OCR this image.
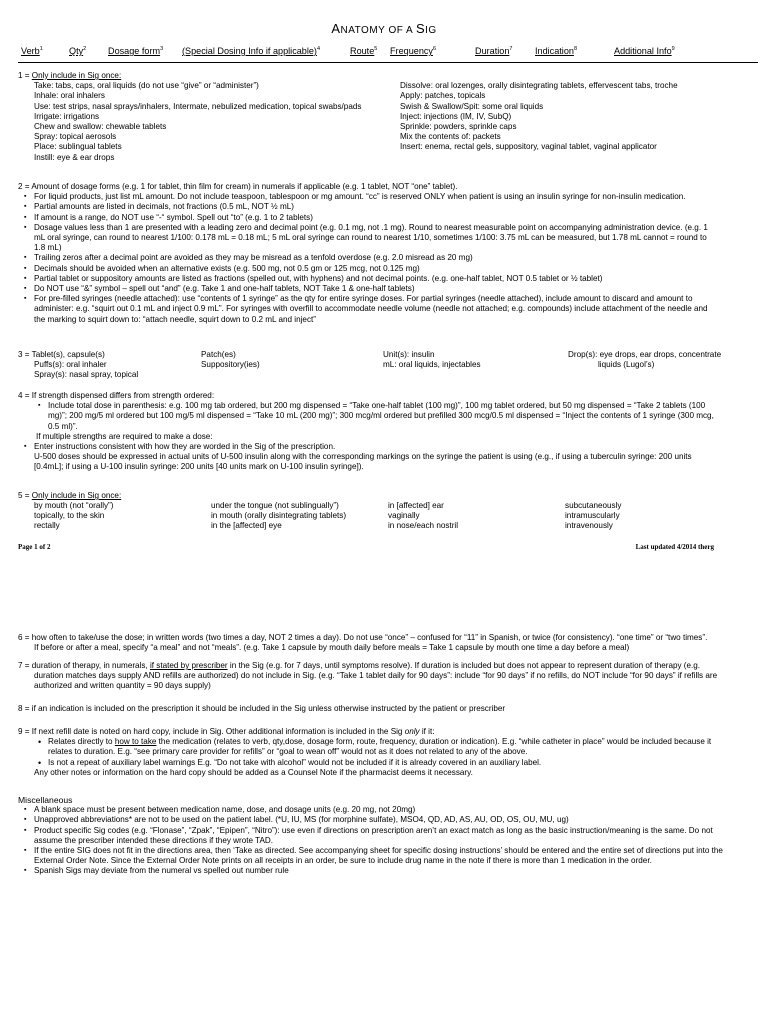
ANATOMY OF A SIG
Verb$^1$	Qty$^2$ Dosage form$^3$ (Special Dosing Info if applicable)$^4$	Route$^5$ Frequency$^6$	Duration$^7$ Indication$^8$	Additional Info$^9$

1 = Only include in Sig once:

Take: tabs, caps, oral liquids (do not use “give” or “administer”)

Inhale: oral inhalers

Use: test strips, nasal sprays/inhalers, Intermate, nebulized medication, topical swabs/pads

Irrigate: irrigations

Chew and swallow: chewable tablets

Spray: topical aerosols

Place: sublingual tablets

Instill: eye & ear drops

Dissolve: oral lozenges, orally disintegrating tablets, effervescent tabs, troche

Apply: patches, topicals

Swish & Swallow/Spit: some oral liquids

Inject: injections (IM, IV, SubQ)

Sprinkle: powders, sprinkle caps

Mix the contents of: packets

Insert: enema, rectal gels, suppository, vaginal tablet, vaginal applicator

2 = Amount of dosage forms (e.g. 1 for tablet, thin film for cream) in numerals if applicable (e.g. 1 tablet, NOT “one” tablet).

▪ For liquid products, just list mL amount. Do not include teaspoon, tablespoon or mg amount. “cc” is reserved ONLY when patient is using an insulin syringe for non-insulin medication.

▪ Partial amounts are listed in decimals, not fractions (0.5 mL, NOT ½ mL)

▪ If amount is a range, do NOT use “-“ symbol. Spell out “to” (e.g. 1 to 2 tablets)

▪ Dosage values less than 1 are presented with a leading zero and decimal point (e.g. 0.1 mg, not .1 mg). Round to nearest measurable point on accompanying administration device. (e.g. 1

mL oral syringe, can round to nearest 1/100: 0.178 mL = 0.18 mL; 5 mL oral syringe can round to nearest 1/10, sometimes 1/100: 3.75 mL can be measured, but 1.78 mL cannot = round to

1.8 mL)

▪ Trailing zeros after a decimal point are avoided as they may be misread as a tenfold overdose (e.g. 2.0 misread as 20 mg)

▪ Decimals should be avoided when an alternative exists (e.g. 500 mg, not 0.5 gm or 125 mcg, not 0.125 mg)

▪ Partial tablet or suppository amounts are listed as fractions (spelled out, with hyphens) and not decimal points. (e.g. one-half tablet, NOT 0.5 tablet or ½ tablet)

▪ Do NOT use “&” symbol – spell out “and” (e.g. Take 1 and one-half tablets, NOT Take 1 & one-half tablets)

▪ For pre-filled syringes (needle attached): use “contents of 1 syringe” as the qty for entire syringe doses. For partial syringes (needle attached), include amount to discard and amount to

administer: e.g. “squirt out 0.1 mL and inject 0.9 mL”. For syringes with overfill to accommodate needle volume (needle not attached; e.g. compounds) include attachment of the needle and

the marking to squirt down to: “attach needle, squirt down to 0.2 mL and inject”

3 = Tablet(s), capsule(s)	Patch(es)	Unit(s): insulin	Drop(s): eye drops, ear drops, concentrate
Puffs(s): oral inhaler	Suppository(ies)	mL: oral liquids, injectables	liquids (Lugol’s)
Spray(s): nasal spray, topical

4 = If strength dispensed differs from strength ordered:

▪ Include total dose in parenthesis: e.g. 100 mg tab ordered, but 200 mg dispensed = “Take one-half tablet (100 mg)”, 100 mg tablet ordered, but 50 mg dispensed = “Take 2 tablets (100

mg)”; 200 mg/5 ml ordered but 100 mg/5 ml dispensed = “Take 10 mL (200 mg)”; 300 mcg/ml ordered but prefilled 300 mcg/0.5 ml dispensed = “Inject the contents of 1 syringe (300 mcg,

0.5 ml)”.

If multiple strengths are required to make a dose:

▪ Enter instructions consistent with how they are worded in the Sig of the prescription.

U-500 doses should be expressed in actual units of U-500 insulin along with the corresponding markings on the syringe the patient is using (e.g., if using a tuberculin syringe: 200 units

[0.4mL]; if using a U-100 insulin syringe: 200 units [40 units mark on U-100 insulin syringe]).

5 = Only include in Sig once:

by mouth (not “orally”)	under the tongue (not sublingually”)	in [affected] ear	subcutaneously
topically, to the skin	in mouth (orally disintegrating tablets)	vaginally	intramuscularly
rectally	in the [affected] eye	in nose/each nostril	intravenously
Page 1 of 2	Last updated 4/2014 therg

6 = how often to take/use the dose; in written words (two times a day, NOT 2 times a day). Do not use “once” – confused for “11” in Spanish, or twice (for consistency). “one time” or “two times”.

If before or after a meal, specify “a meal” and not “meals”. (e.g. Take 1 capsule by mouth daily before meals = Take 1 capsule by mouth one time a day before a meal)

7 = duration of therapy, in numerals, if stated by prescriber in the Sig (e.g. for 7 days, until symptoms resolve). If duration is included but does not appear to represent duration of therapy (e.g.

duration matches days supply AND refills are authorized) do not include in Sig. (e.g. “Take 1 tablet daily for 90 days”: include “for 90 days” if no refills, do NOT include “for 90 days” if refills are

authorized and written quantity = 90 days supply)

8 = if an indication is included on the prescription it should be included in the Sig unless otherwise instructed by the patient or prescriber

9 = If next refill date is noted on hard copy, include in Sig. Other additional information is included in the Sig only if it:

• Relates directly to how to take the medication (relates to verb, qty,dose, dosage form, route, frequency, duration or indication). E.g. “while catheter in place” would be included because it

relates to duration. E.g. “see primary care provider for refills” or “goal to wean off” would not as it does not related to any of the above.

• Is not a repeat of auxiliary label warnings E.g. “Do not take with alcohol” would not be included if it is already covered in an auxiliary label.

Any other notes or information on the hard copy should be added as a Counsel Note if the pharmacist deems it necessary.

Miscellaneous

▪ A blank space must be present between medication name, dose, and dosage units (e.g. 20 mg, not 20mg)

▪ Unapproved abbreviations* are not to be used on the patient label. (*U, IU, MS (for morphine sulfate), MSO4, QD, AD, AS, AU, OD, OS, OU, MU, ug)

▪ Product specific Sig codes (e.g. “Flonase”, “Zpak”, “Epipen”, “Nitro”): use even if directions on prescription aren’t an exact match as long as the basic instruction/meaning is the same. Do not

assume the prescriber intended these directions if they wrote TAD.

▪ If the entire SIG does not fit in the directions area, then ‘Take as directed. See accompanying sheet for specific dosing instructions’ should be entered and the entire set of directions put into the

External Order Note. Since the External Order Note prints on all receipts in an order, be sure to include drug name in the note if there is more than 1 medication in the order.

▪ Spanish Sigs may deviate from the numeral vs spelled out number rule
